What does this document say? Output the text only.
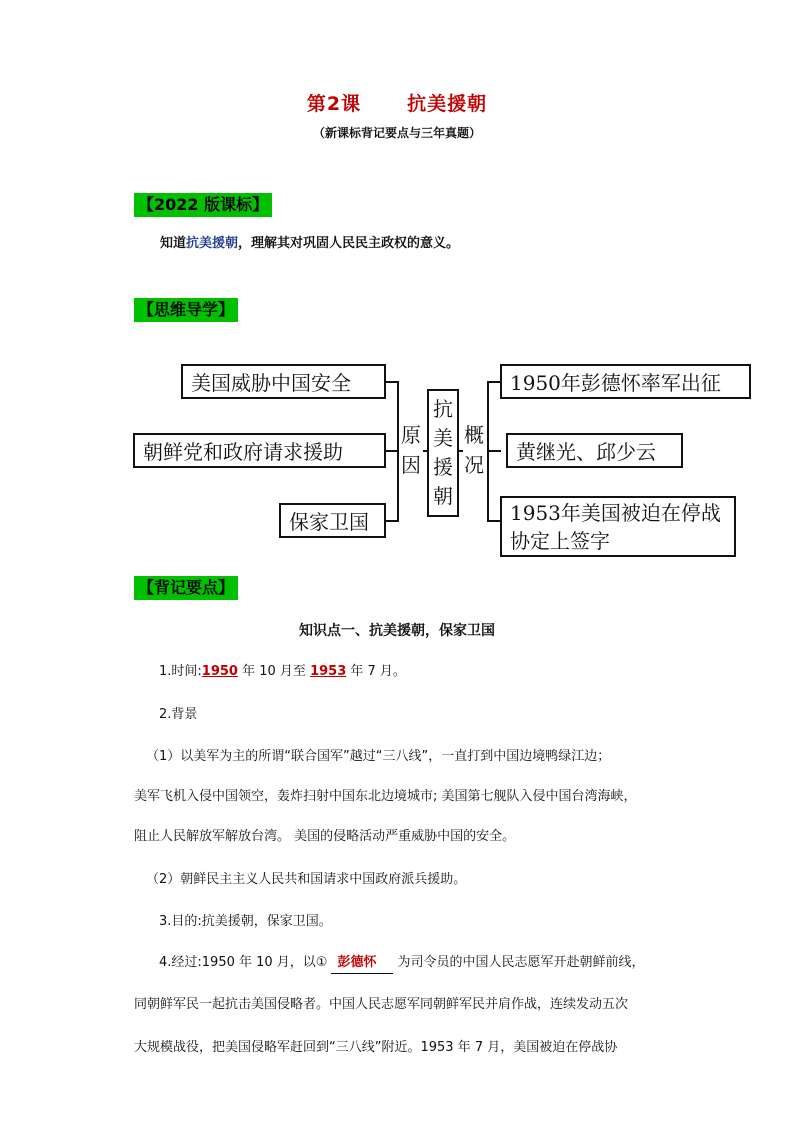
第2课 抗美援朝
（新课标背记要点与三年真题）
【2022 版课标】
知道抗美援朝，理解其对巩固人民民主政权的意义。
【思维导学】
美国威胁中国安全
朝鲜党和政府请求援助
保家卫国
原因
抗美援朝
概况
1950年彭德怀率军出征
黄继光、邱少云
1953年美国被迫在停战协定上签字
【背记要点】
知识点一、抗美援朝，保家卫国
1.时间:1950 年 10 月至 1953 年 7 月。
2.背景
（1）以美军为主的所谓“联合国军”越过“三八线”，一直打到中国边境鸭绿江边；
美军飞机入侵中国领空，轰炸扫射中国东北边境城市; 美国第七舰队入侵中国台湾海峡，
阻止人民解放军解放台湾。 美国的侵略活动严重威胁中国的安全。
（2）朝鲜民主主义人民共和国请求中国政府派兵援助。
3.目的:抗美援朝，保家卫国。
4.经过:1950 年 10 月，以① 彭德怀 为司令员的中国人民志愿军开赴朝鲜前线，
同朝鲜军民一起抗击美国侵略者。中国人民志愿军同朝鲜军民并肩作战，连续发动五次
大规模战役，把美国侵略军赶回到“三八线”附近。1953 年 7 月，美国被迫在停战协
